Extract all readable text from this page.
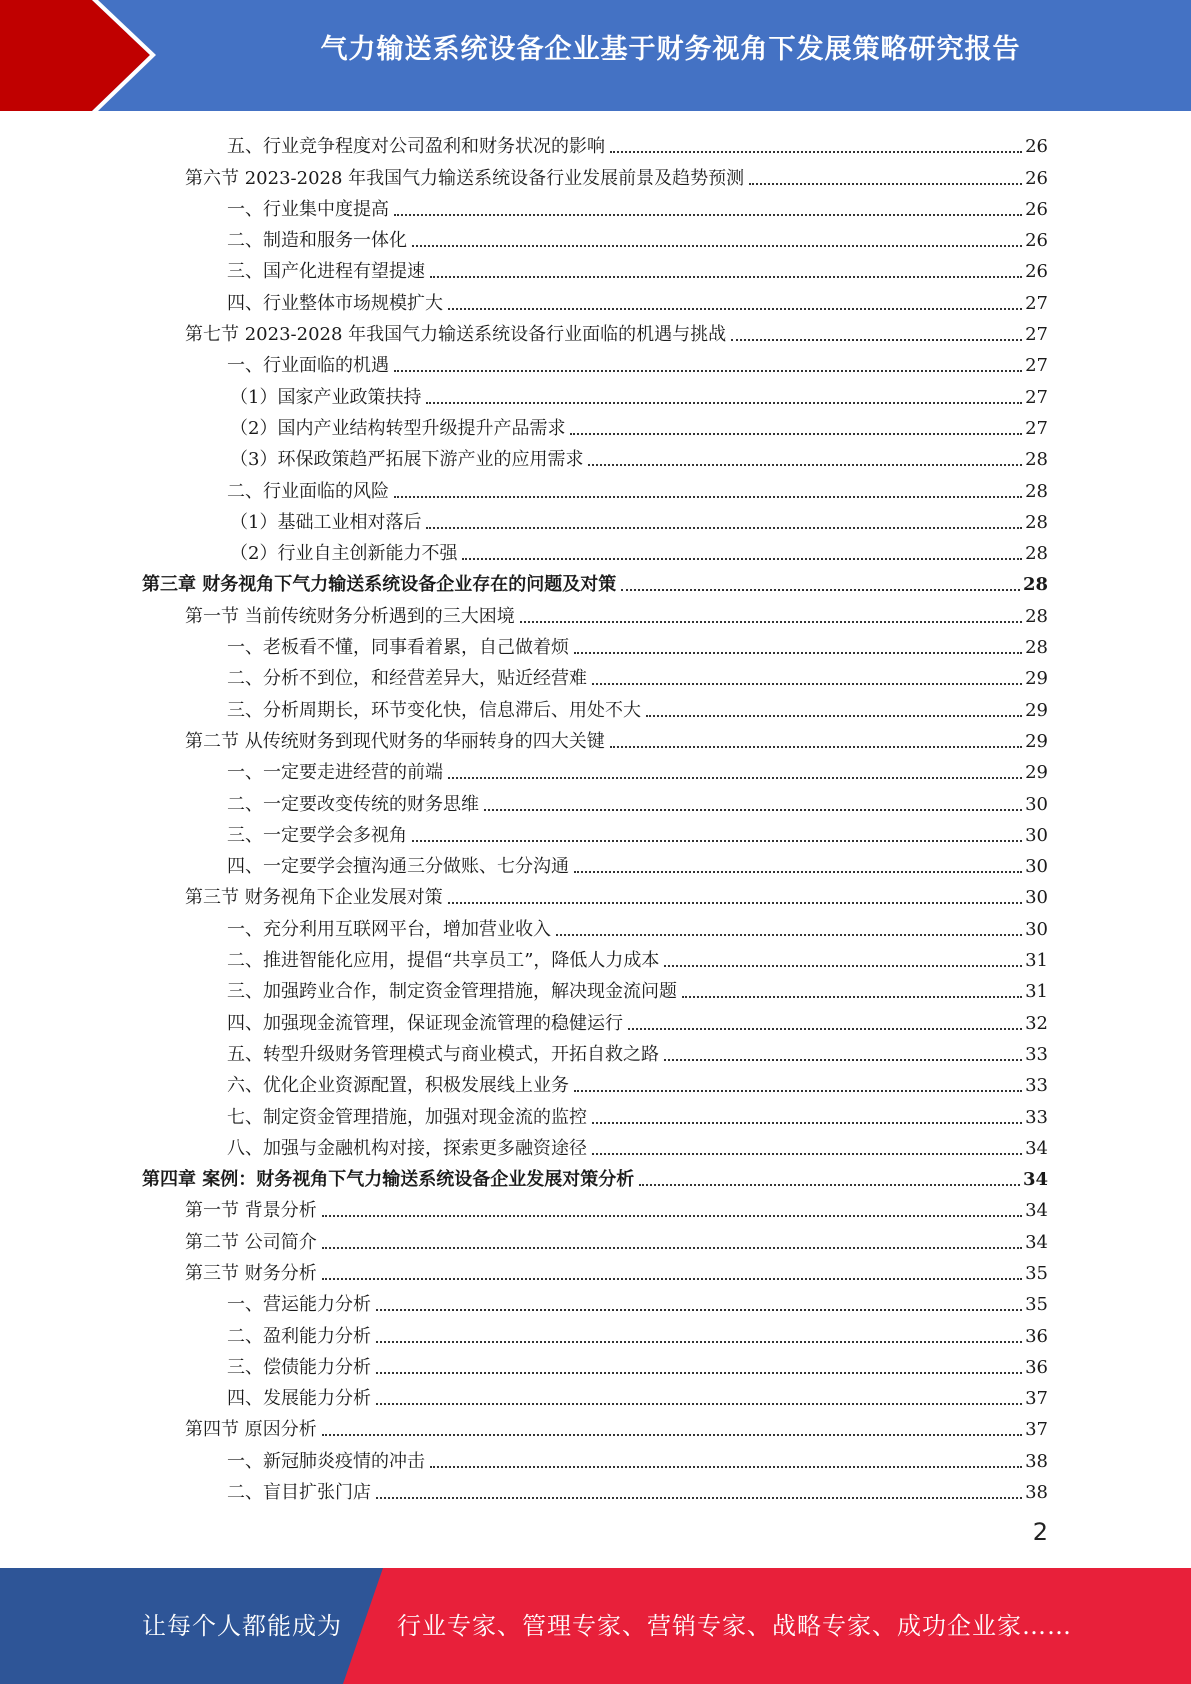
气力输送系统设备企业基于财务视角下发展策略研究报告
五、行业竞争程度对公司盈利和财务状况的影响	26
第六节 2023-2028 年我国气力输送系统设备行业发展前景及趋势预测	26
一、行业集中度提高	26
二、制造和服务一体化	26
三、国产化进程有望提速	26
四、行业整体市场规模扩大	27
第七节 2023-2028 年我国气力输送系统设备行业面临的机遇与挑战	27
一、行业面临的机遇	27
（1）国家产业政策扶持	27
（2）国内产业结构转型升级提升产品需求	27
（3）环保政策趋严拓展下游产业的应用需求	28
二、行业面临的风险	28
（1）基础工业相对落后	28
（2）行业自主创新能力不强	28
第三章 财务视角下气力输送系统设备企业存在的问题及对策	28
第一节 当前传统财务分析遇到的三大困境	28
一、老板看不懂，同事看着累，自己做着烦	28
二、分析不到位，和经营差异大，贴近经营难	29
三、分析周期长，环节变化快，信息滞后、用处不大	29
第二节 从传统财务到现代财务的华丽转身的四大关键	29
一、一定要走进经营的前端	29
二、一定要改变传统的财务思维	30
三、一定要学会多视角	30
四、一定要学会擅沟通三分做账、七分沟通	30
第三节 财务视角下企业发展对策	30
一、充分利用互联网平台，增加营业收入	30
二、推进智能化应用，提倡“共享员工”，降低人力成本	31
三、加强跨业合作，制定资金管理措施，解决现金流问题	31
四、加强现金流管理，保证现金流管理的稳健运行	32
五、转型升级财务管理模式与商业模式，开拓自救之路	33
六、优化企业资源配置，积极发展线上业务	33
七、制定资金管理措施，加强对现金流的监控	33
八、加强与金融机构对接，探索更多融资途径	34
第四章 案例：财务视角下气力输送系统设备企业发展对策分析	34
第一节 背景分析	34
第二节 公司简介	34
第三节 财务分析	35
一、营运能力分析	35
二、盈利能力分析	36
三、偿债能力分析	36
四、发展能力分析	37
第四节 原因分析	37
一、新冠肺炎疫情的冲击	38
二、盲目扩张门店	38
2
让每个人都能成为 行业专家、管理专家、营销专家、战略专家、成功企业家……
